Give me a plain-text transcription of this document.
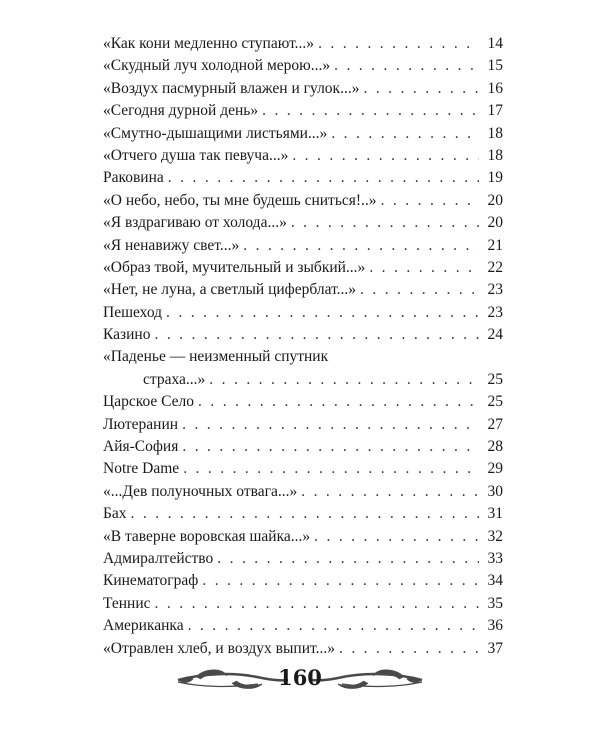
«Как кони медленно ступают...» . . .	14
«Скудный луч холодной мерою...» . . .	15
«Воздух пасмурный влажен и гулок...» . . .	16
«Сегодня дурной день» . . .	17
«Смутно-дышащими листьями...» . . .	18
«Отчего душа так певуча...» . . .	18
Раковина . . .	19
«О небо, небо, ты мне будешь сниться!..» . . .	20
«Я вздрагиваю от холода...» . . .	20
«Я ненавижу свет...» . . .	21
«Образ твой, мучительный и зыбкий...» . . .	22
«Нет, не луна, а светлый циферблат...» . . .	23
Пешеход . . .	23
Казино . . .	24
«Паденье — неизменный спутник
страха...» . . .	25
Царское Село . . .	25
Лютеранин . . .	27
Айя-София . . .	28
Notre Dame . . .	29
«...Дев полуночных отвага...» . . .	30
Бах . . .	31
«В таверне воровская шайка...» . . .	32
Адмиралтейство . . .	33
Кинематограф . . .	34
Теннис . . .	35
Американка . . .	36
«Отравлен хлеб, и воздух выпит...» . . .	37
160
